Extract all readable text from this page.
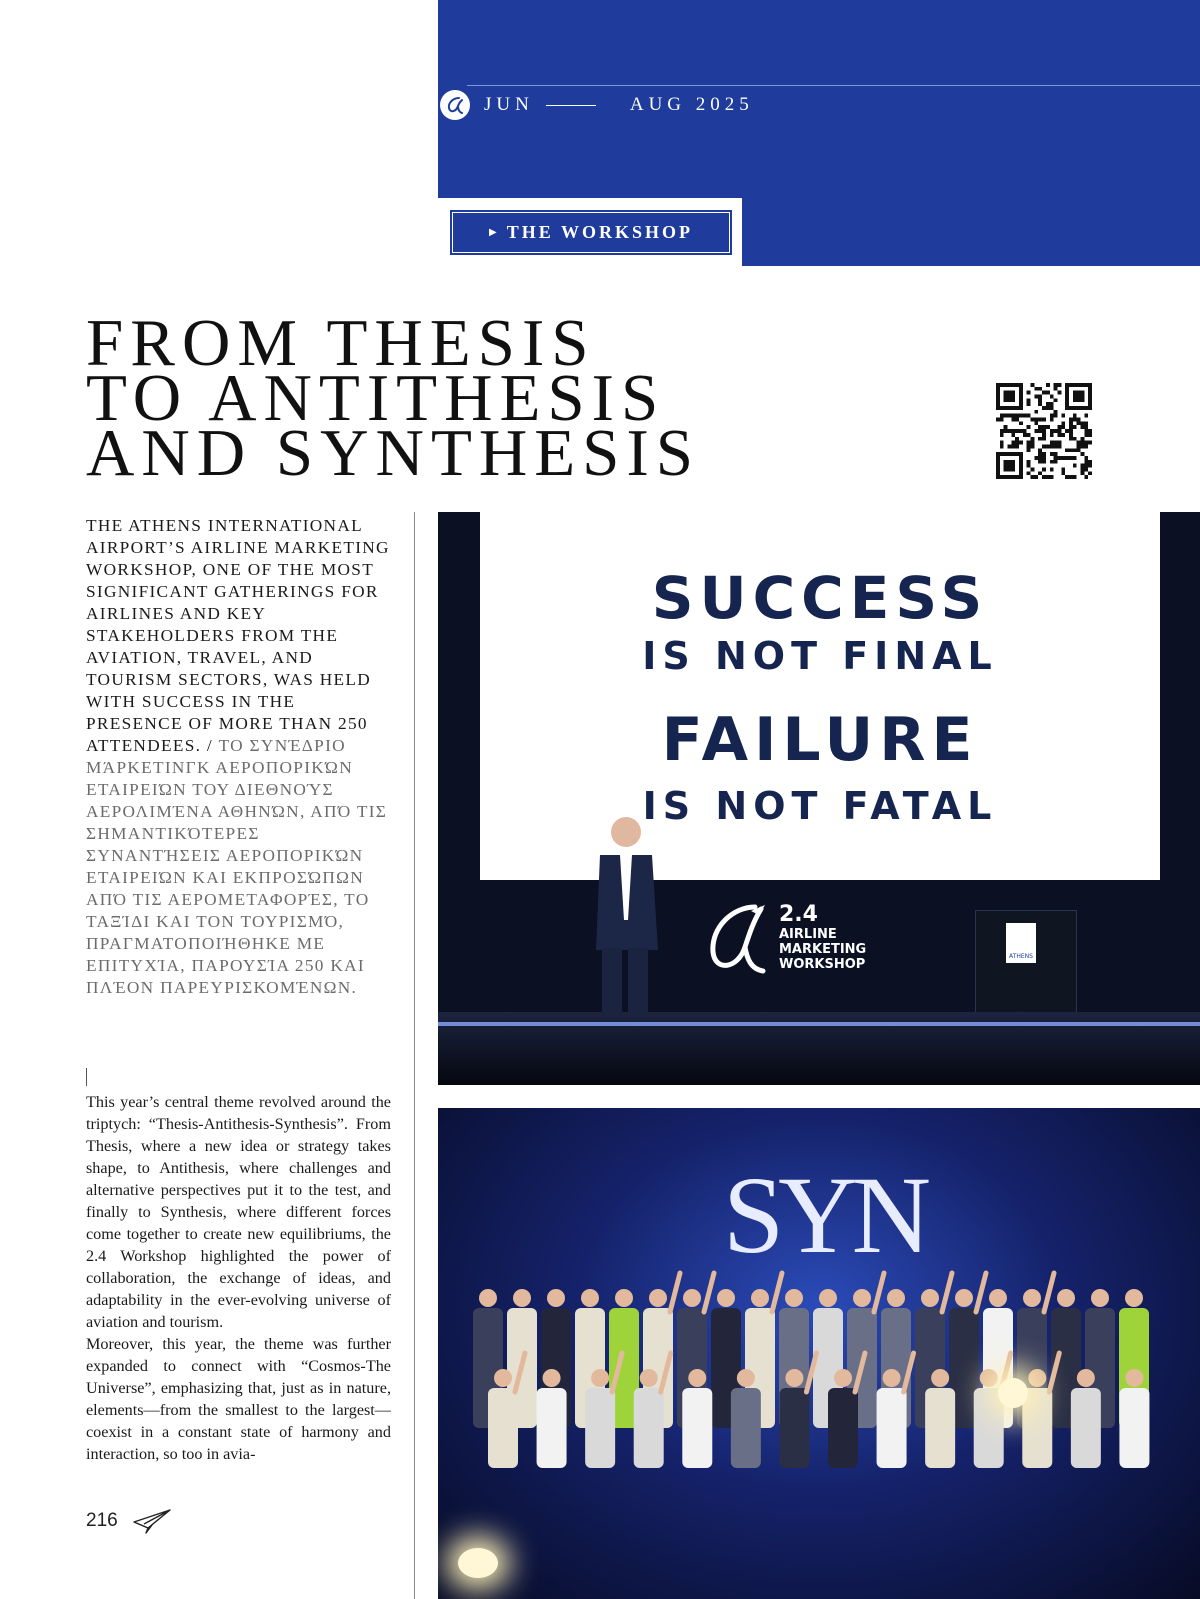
JUN	AUG 2025
▶ THE WORKSHOP
FROM THESIS
TO ANTITHESIS
AND SYNTHESIS
THE ATHENS INTERNATIONAL AIRPORT’S AIRLINE MARKETING WORKSHOP, ONE OF THE MOST SIGNIFICANT GATHERINGS FOR AIRLINES AND KEY STAKEHOLDERS FROM THE AVIATION, TRAVEL, AND TOURISM SECTORS, WAS HELD WITH SUCCESS IN THE PRESENCE OF MORE THAN 250 ATTENDEES. / ΤΟ ΣΥΝΈΔΡΙΟ ΜΆΡΚΕΤΙΝΓΚ ΑΕΡΟΠΟΡΙΚΏΝ ΕΤΑΙΡΕΙΏΝ ΤΟΥ ΔΙΕΘΝΟΎΣ ΑΕΡΟΛΙΜΈΝΑ ΑΘΗΝΏΝ, ΑΠΌ ΤΙΣ ΣΗΜΑΝΤΙΚΌΤΕΡΕΣ ΣΥΝΑΝΤΉΣΕΙΣ ΑΕΡΟΠΟΡΙΚΏΝ ΕΤΑΙΡΕΙΏΝ ΚΑΙ ΕΚΠΡΟΣΏΠΩΝ ΑΠΌ ΤΙΣ ΑΕΡΟΜΕΤΑΦΟΡΈΣ, ΤΟ ΤΑΞΊΔΙ ΚΑΙ ΤΟΝ ΤΟΥΡΙΣΜΌ, ΠΡΑΓΜΑΤΟΠΟΙΉΘΗΚΕ ΜΕ ΕΠΙΤΥΧΊΑ, ΠΑΡΟΥΣΊΑ 250 ΚΑΙ ΠΛΈΟΝ ΠΑΡΕΥΡΙΣΚΟΜΈΝΩΝ.

This year’s central theme revolved around the triptych: “Thesis-Antithesis-Synthesis”. From Thesis, where a new idea or strategy takes shape, to Antithesis, where challenges and alternative perspectives put it to the test, and finally to Synthesis, where different forces come together to create new equilibriums, the 2.4 Workshop highlighted the power of collaboration, the exchange of ideas, and adaptability in the ever-evolving universe of aviation and tourism.

Moreover, this year, the theme was further expanded to connect with “Cosmos-The Universe”, emphasizing that, just as in nature, elements—from the smallest to the largest—coexist in a constant state of harmony and interaction, so too in avia-

216
SUCCESS
IS NOT FINAL
FAILURE
IS NOT FATAL
2.4
AIRLINE
MARKETING
WORKSHOP	ATHENS
SYN
